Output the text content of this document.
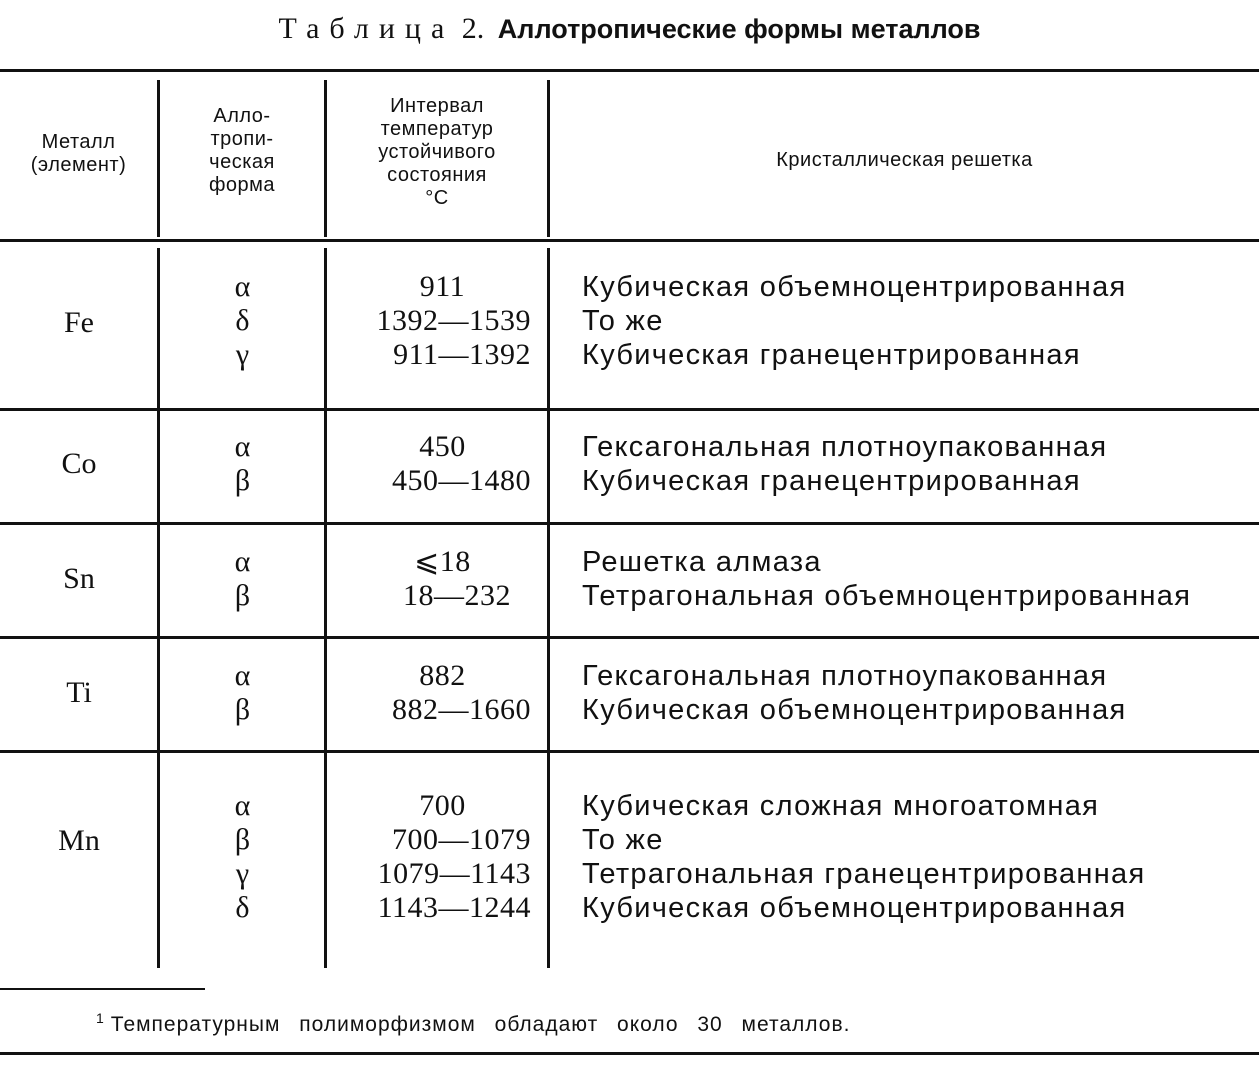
Таблица 2. Аллотропические формы металлов
Металл
(элемент)
Алло-
тропи-
ческая
форма
Интервал
температур
устойчивого
состояния
°C
Кристаллическая решетка
Fe
α
δ
γ
911
1392—1539
911—1392
Кубическая объемноцентрированная
То же
Кубическая гранецентрированная
Co
α
β
450
450—1480
Гексагональная плотноупакованная
Кубическая гранецентрированная
Sn
α
β
⩽18
18—232
Решетка алмаза
Тетрагональная объемноцентрированная
Ti
α
β
882
882—1660
Гексагональная плотноупакованная
Кубическая объемноцентрированная
Mn
α
β
γ
δ
700
700—1079
1079—1143
1143—1244
Кубическая сложная многоатомная
То же
Тетрагональная гранецентрированная
Кубическая объемноцентрированная
$^1$ Температурным полиморфизмом обладают около 30 металлов.
